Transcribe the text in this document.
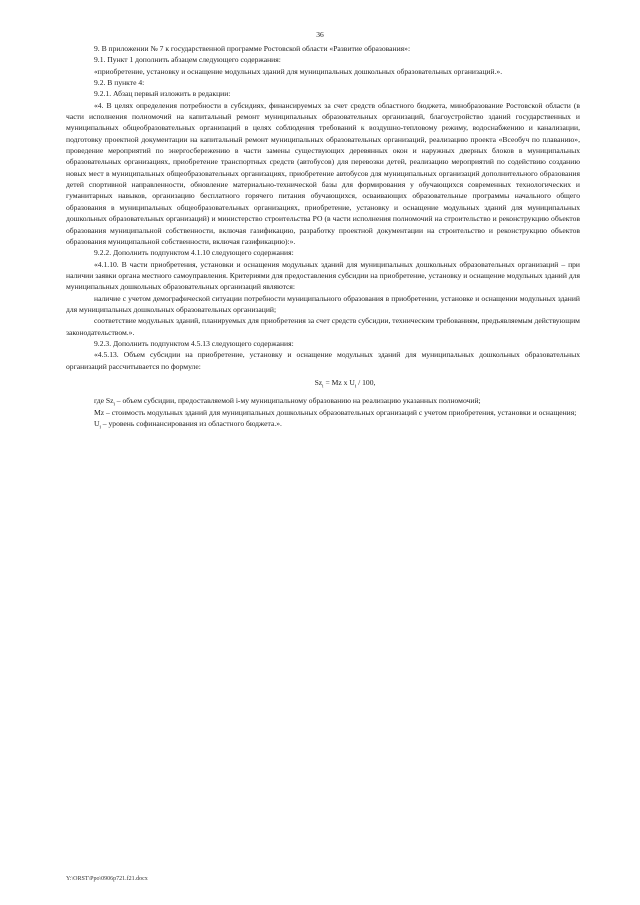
36

9. В приложении № 7 к государственной программе Ростовской области «Развитие образования»:

9.1. Пункт 1 дополнить абзацем следующего содержания:

«приобретение, установку и оснащение модульных зданий для муниципальных дошкольных образовательных организаций.».

9.2. В пункте 4:

9.2.1. Абзац первый изложить в редакции:

«4. В целях определения потребности в субсидиях, финансируемых за счет средств областного бюджета, минобразование Ростовской области (в части исполнения полномочий на капитальный ремонт муниципальных образовательных организаций, благоустройство зданий государственных и муниципальных общеобразовательных организаций в целях соблюдения требований к воздушно-тепловому режиму, водоснабжению и канализации, подготовку проектной документации на капитальный ремонт муниципальных образовательных организаций, реализацию проекта «Всеобуч по плаванию», проведение мероприятий по энергосбережению в части замены существующих деревянных окон и наружных дверных блоков в муниципальных образовательных организациях, приобретение транспортных средств (автобусов) для перевозки детей, реализацию мероприятий по содействию созданию новых мест в муниципальных общеобразовательных организациях, приобретение автобусов для муниципальных организаций дополнительного образования детей спортивной направленности, обновление материально-технической базы для формирования у обучающихся современных технологических и гуманитарных навыков, организацию бесплатного горячего питания обучающихся, осваивающих образовательные программы начального общего образования в муниципальных общеобразовательных организациях, приобретение, установку и оснащение модульных зданий для муниципальных дошкольных образовательных организаций) и министерство строительства РО (в части исполнения полномочий на строительство и реконструкцию объектов образования муниципальной собственности, включая газификацию, разработку проектной документации на строительство и реконструкцию объектов образования муниципальной собственности, включая газификацию):».

9.2.2. Дополнить подпунктом 4.1.10 следующего содержания:

«4.1.10. В части приобретения, установки и оснащения модульных зданий для муниципальных дошкольных образовательных организаций – при наличии заявки органа местного самоуправления. Критериями для предоставления субсидии на приобретение, установку и оснащение модульных зданий для муниципальных дошкольных образовательных организаций являются:

наличие с учетом демографической ситуации потребности муниципального образования в приобретении, установке и оснащении модульных зданий для муниципальных дошкольных образовательных организаций;

соответствие модульных зданий, планируемых для приобретения за счет средств субсидии, техническим требованиям, предъявляемым действующим законодательством.».

9.2.3. Дополнить подпунктом 4.5.13 следующего содержания:

«4.5.13. Объем субсидии на приобретение, установку и оснащение модульных зданий для муниципальных дошкольных образовательных организаций рассчитывается по формуле:

$Sz_i = Mz$ x $U_i / 100$,

где $Sz_i$ – объем субсидии, предоставляемой i-му муниципальному образованию на реализацию указанных полномочий;

Mz – стоимость модульных зданий для муниципальных дошкольных образовательных организаций с учетом приобретения, установки и оснащения;

$U_i$ – уровень софинансирования из областного бюджета.».

Y:\ORST\Ppo\0906p721.f21.docx
